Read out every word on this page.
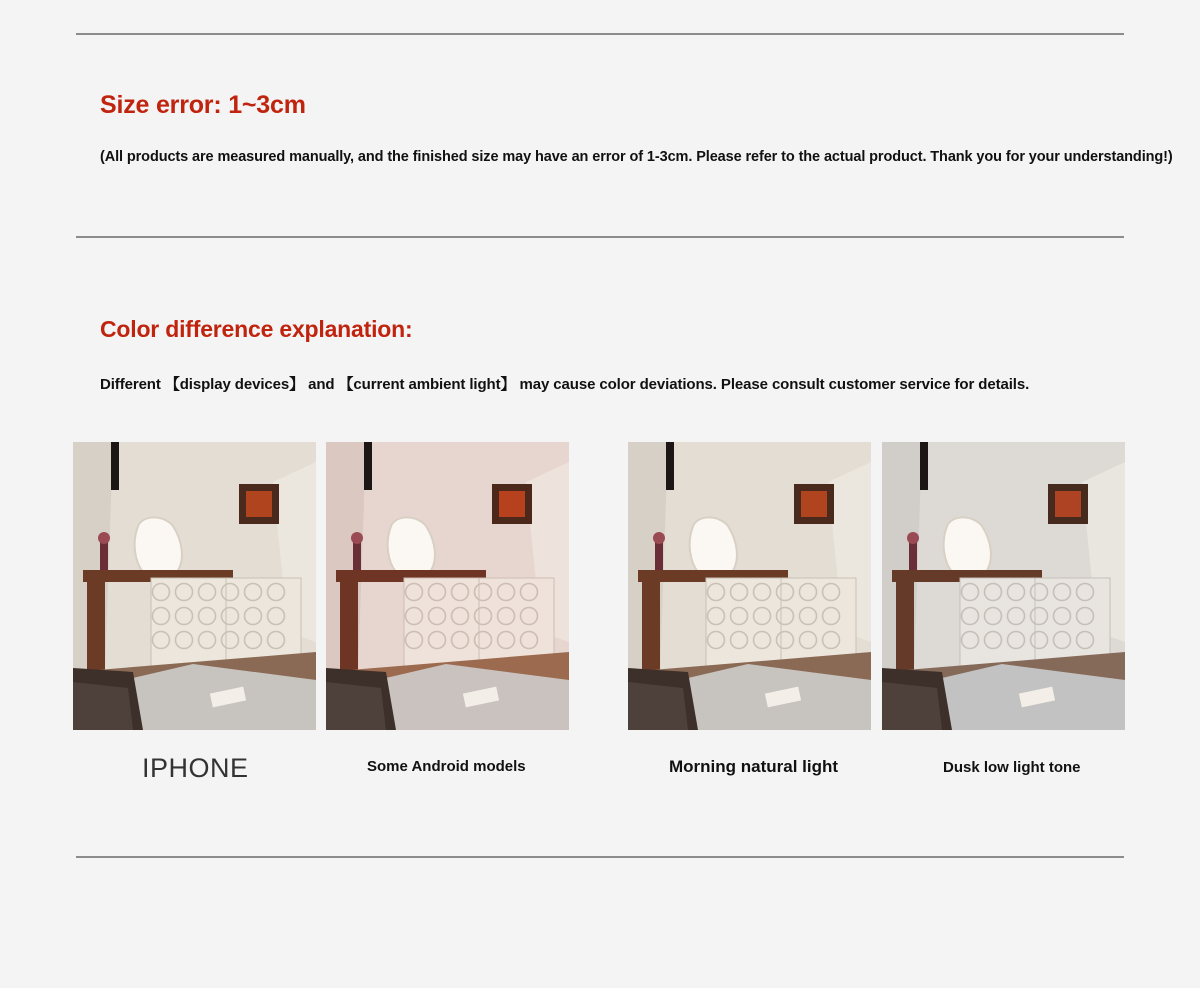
Size error: 1~3cm

(All products are measured manually, and the finished size may have an error of 1-3cm. Please refer to the actual product. Thank you for your understanding!)

Color difference explanation:

Different 【display devices】 and 【current ambient light】 may cause color deviations. Please consult customer service for details.

IPHONE	Some Android models	Morning natural light	Dusk low light tone
